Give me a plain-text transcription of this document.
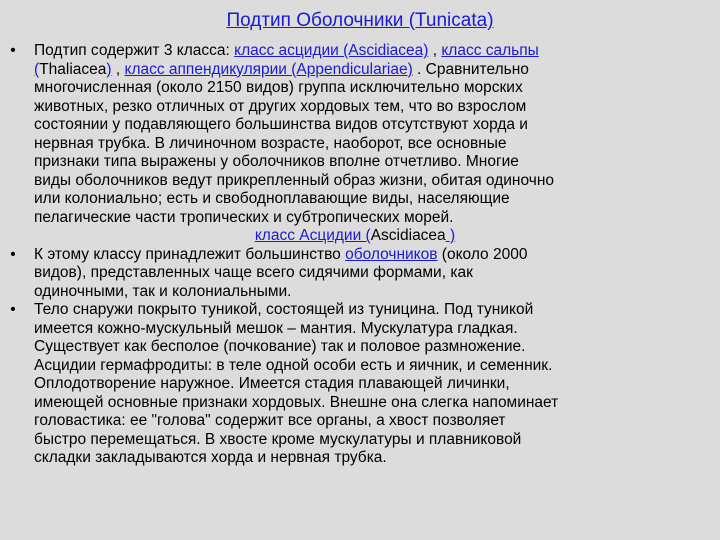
Подтип Оболочники (Tunicata)
• Подтип содержит 3 класса: класс асцидии (Ascidiacea) , класс сальпы
(Thaliacea) , класс аппендикулярии (Appendiculariae) . Сравнительно
многочисленная (около 2150 видов) группа исключительно морских
животных, резко отличных от других хордовых тем, что во взрослом
состоянии у подавляющего большинства видов отсутствуют хорда и
нервная трубка. В личиночном возрасте, наоборот, все основные
признаки типа выражены у оболочников вполне отчетливо. Многие
виды оболочников ведут прикрепленный образ жизни, обитая одиночно
или колониально; есть и свободноплавающие виды, населяющие
пелагические части тропических и субтропических морей.
класс Асцидии (Ascidiacea )
• К этому классу принадлежит большинство оболочников (около 2000
видов), представленных чаще всего сидячими формами, как
одиночными, так и колониальными.
• Тело снаружи покрыто туникой, состоящей из туницина. Под туникой
имеется кожно-мускульный мешок – мантия. Мускулатура гладкая.
Существует как бесполое (почкование) так и половое размножение.
Асцидии гермафродиты: в теле одной особи есть и яичник, и семенник.
Оплодотворение наружное. Имеется стадия плавающей личинки,
имеющей основные признаки хордовых. Внешне она слегка напоминает
головастика: ее "голова" содержит все органы, а хвост позволяет
быстро перемещаться. В хвосте кроме мускулатуры и плавниковой
складки закладываются хорда и нервная трубка.
